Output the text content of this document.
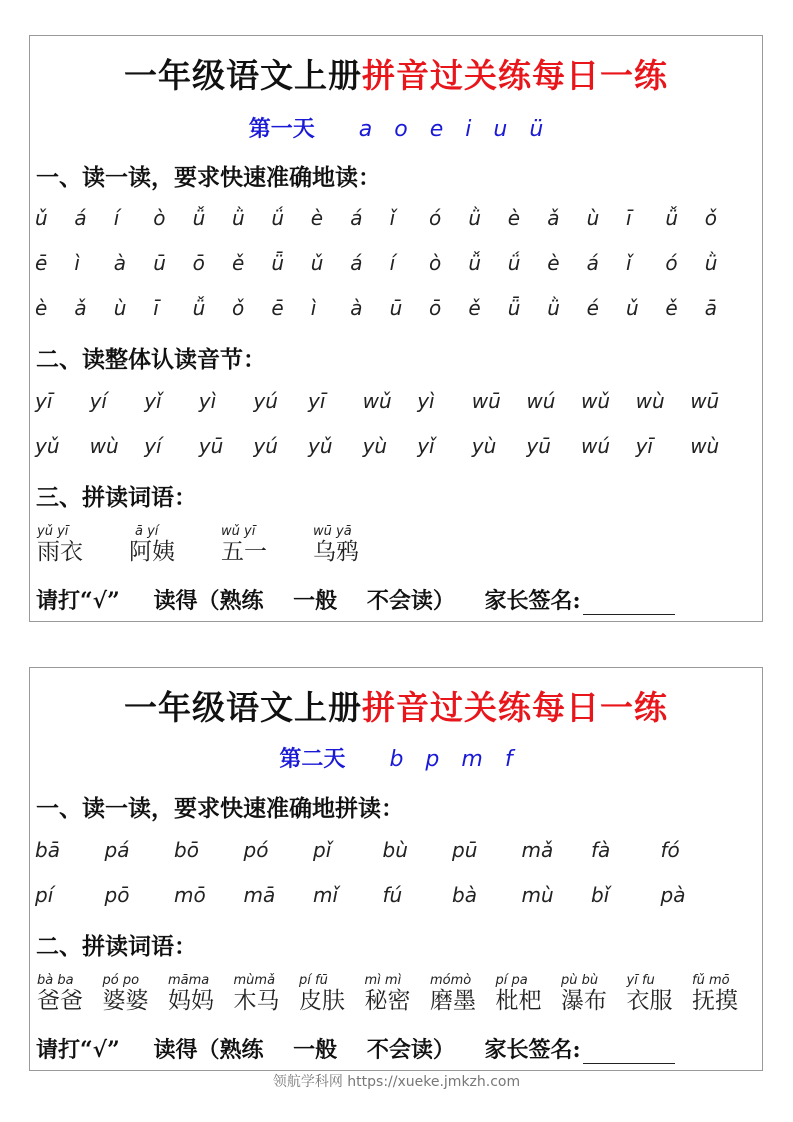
一年级语文上册拼音过关练每日一练
第一天 a o e i u ü
一、读一读，要求快速准确地读：
ǔ á í ò ǚ ǜ ǘ è á ǐ ó ǜ è ǎ ù ī ǚ ǒ
ē ì à ū ō ě ǖ ǔ á í ò ǚ ǘ è á ǐ ó ǜ
è ǎ ù ī ǚ ǒ ē ì à ū ō ě ǖ ǜ é ǔ ě ā
二、读整体认读音节：
yī yí yǐ yì yú yī wǔ yì wū wú wǔ wù wū
yǔ wù yí yū yú yǔ yù yǐ yù yū wú yī wù
三、拼读词语：
yǔ yī
雨衣
ā yí
阿姨
wǔ yī
五一
wū yā
乌鸦
请打“√” 读得（熟练 一般 不会读） 家长签名:
一年级语文上册拼音过关练每日一练
第二天 b p m f
一、读一读，要求快速准确地拼读：
bā pá bō pó pǐ	bù pū mǎ fà	fó
pí	pō mō mā mǐ fú bà mù bǐ	pà
二、拼读词语：
bà ba
爸爸
pó po
婆婆
māma
妈妈
mùmǎ
木马
pí fū
皮肤
mì mì
秘密
mómò
磨墨
pí pa
枇杷
pù bù
瀑布
yī fu
衣服
fǔ mō
抚摸
请打“√” 读得（熟练 一般 不会读） 家长签名:
领航学科网 https://xueke.jmkzh.com
